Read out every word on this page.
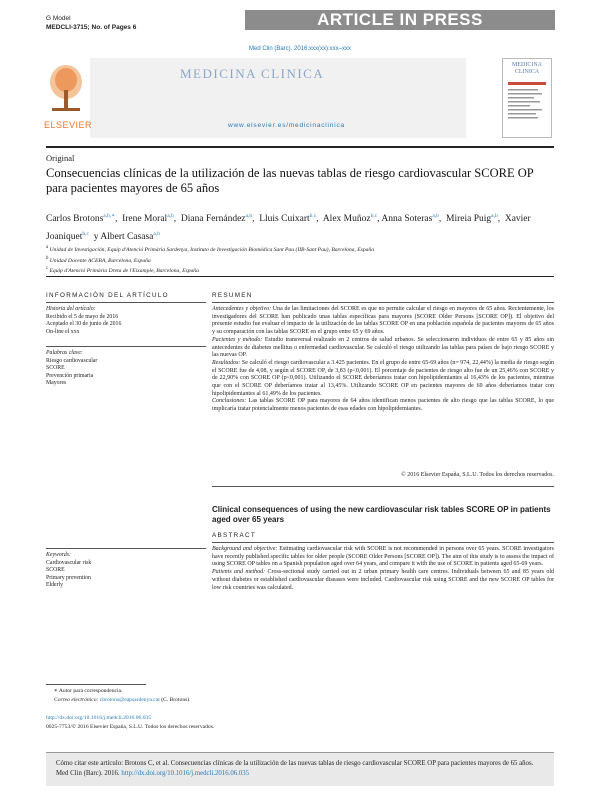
G Model
MEDCLI-3715; No. of Pages 6	ARTICLE IN PRESS
Med Clin (Barc). 2016;xxx(xx):xxx–xxx
ELSEVIER
MEDICINA CLINICA
www.elsevier.es/medicinaclinica
MEDICINA CLINICA
Original
Consecuencias clínicas de la utilización de las nuevas tablas de riesgo cardiovascular SCORE OP para pacientes mayores de 65 años
Carlos Brotons$^{a,b,∗}$,  Irene Moral$^{a,b}$,  Diana Fernández$^{a,b}$,  Lluis Cuixart$^{b,c}$,  Alex Muñoz$^{b,c}$, Anna Soteras$^{a,b}$,  Mireia Puig$^{a,b}$,  Xavier Joaniquet$^{b,c}$ y Albert Casasa$^{a,b}$
$^a$ Unidad de Investigación, Equip d'Atenció Primària Sardenya, Instituto de Investigación Biomédica Sant Pau (IIB-Sant Pau), Barcelona, España
$^b$ Unidad Docente ACEBA, Barcelona, España
$^c$ Equip d'Atenció Primària Dreta de l'Eixample, Barcelona, España
INFORMACIÓN DEL ARTÍCULO
Historia del artículo:
Recibido el 5 de mayo de 2016
Aceptado el 30 de junio de 2016
On-line el xxx
Palabras clave:
Riesgo cardiovascular
SCORE
Prevención primaria
Mayores
RESUMEN

Antecedentes y objetivo: Una de las limitaciones del SCORE es que no permite calcular el riesgo en mayores de 65 años. Recientemente, los investigadores del SCORE han publicado unas tablas específicas para mayores (SCORE Older Persons [SCORE OP]). El objetivo del presente estudio fue evaluar el impacto de la utilización de las tablas SCORE OP en una población española de pacientes mayores de 65 años y su comparación con las tablas SCORE en el grupo entre 65 y 69 años.

Pacientes y método: Estudio transversal realizado en 2 centros de salud urbanos. Se seleccionaron individuos de entre 65 y 85 años sin antecedentes de diabetes mellitus o enfermedad cardiovascular. Se calculó el riesgo utilizando las tablas para países de bajo riesgo SCORE y las nuevas OP.

Resultados: Se calculó el riesgo cardiovascular a 3.425 pacientes. En el grupo de entre 65-69 años (n= 974, 22,44%) la media de riesgo según el SCORE fue de 4,08, y según el SCORE OP, de 3,83 (p<0,001). El porcentaje de pacientes de riesgo alto fue de un 25,46% con SCORE y de 22,90% con SCORE OP (p<0,001). Utilizando el SCORE deberíamos tratar con hipolipidemiantes al 16,43% de los pacientes, mientras que con el SCORE OP deberíamos tratar al 13,45%. Utilizando SCORE OP en pacientes mayores de 69 años deberíamos tratar con hipolipidemiantes al 61,49% de los pacientes.

Conclusiones: Las tablas SCORE OP para mayores de 64 años identifican menos pacientes de alto riesgo que las tablas SCORE, lo que implicaría tratar potencialmente menos pacientes de esas edades con hipolipidemiantes.

© 2016 Elsevier España, S.L.U. Todos los derechos reservados.
Clinical consequences of using the new cardiovascular risk tables SCORE OP in patients aged over 65 years
ABSTRACT

Background and objective: Estimating cardiovascular risk with SCORE is not recommended in persons over 65 years. SCORE investigators have recently published specific tables for older people (SCORE Older Persons [SCORE OP]). The aim of this study is to assess the impact of using SCORE OP tables on a Spanish population aged over 64 years, and compare it with the use of SCORE in patients aged 65-69 years.

Patients and method: Cross-sectional study carried out in 2 urban primary health care centres. Individuals between 65 and 85 years old without diabetes or established cardiovascular diseases were included. Cardiovascular risk using SCORE and the new SCORE OP tables for low risk countries was calculated.

Keywords:
Cardiovascular risk
SCORE
Primary prevention
Elderly
∗ Autor para correspondencia.
Correo electrónico: cbrotons@eapsardenya.cat (C. Brotons).
http://dx.doi.org/10.1016/j.medcli.2016.06.035
0025-7753/© 2016 Elsevier España, S.L.U. Todos los derechos reservados.
Cómo citar este artículo: Brotons C, et al. Consecuencias clínicas de la utilización de las nuevas tablas de riesgo cardiovascular SCORE OP para pacientes mayores de 65 años. Med Clin (Barc). 2016. http://dx.doi.org/10.1016/j.medcli.2016.06.035
